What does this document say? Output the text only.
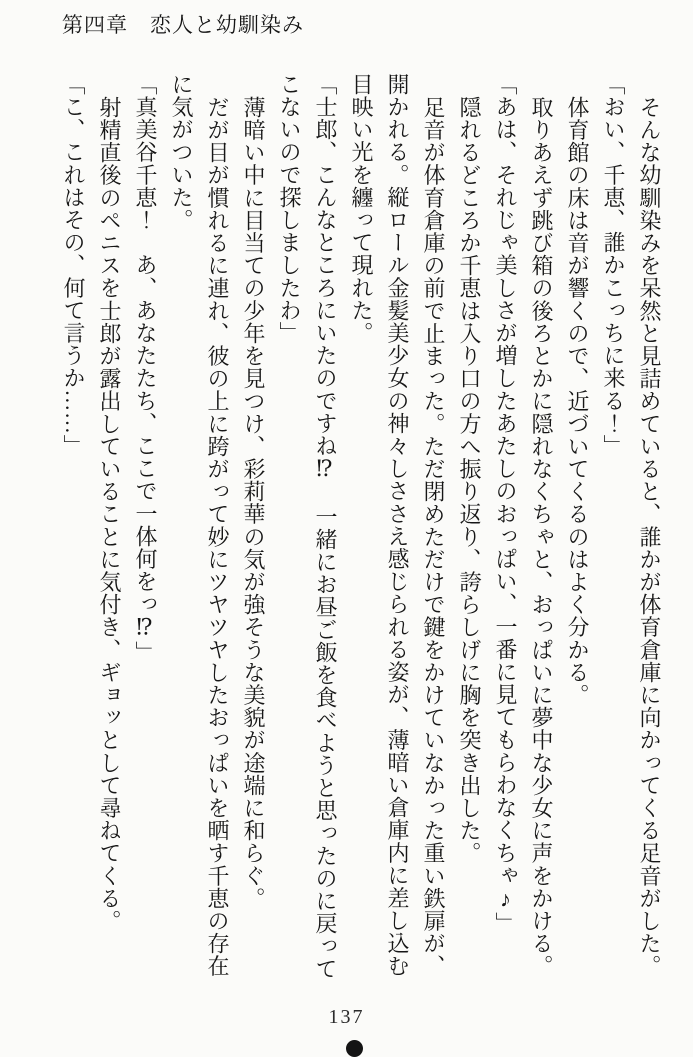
第四章　恋人と幼馴染み

そんな幼馴染みを呆然と見詰めていると、誰かが体育倉庫に向かってくる足音がした。

「おい、千恵、誰かこっちに来る！」

体育館の床は音が響くので、近づいてくるのはよく分かる。

取りあえず跳び箱の後ろとかに隠れなくちゃと、おっぱいに夢中な少女に声をかける。

「あは、それじゃ美しさが増したあたしのおっぱい、一番に見てもらわなくちゃ♪」

隠れるどころか千恵は入り口の方へ振り返り、誇らしげに胸を突き出した。

足音が体育倉庫の前で止まった。ただ閉めただけで鍵をかけていなかった重い鉄扉が、開かれる。縦ロール金髪美少女の神々しささえ感じられる姿が、薄暗い倉庫内に差し込む目映い光を纏って現れた。

「士郎、こんなところにいたのですね⁉　一緒にお昼ご飯を食べようと思ったのに戻ってこないので探しましたわ」

薄暗い中に目当ての少年を見つけ、彩莉華の気が強そうな美貌が途端に和らぐ。

だが目が慣れるに連れ、彼の上に跨がって妙にツヤツヤしたおっぱいを晒す千恵の存在に気がついた。

「真美谷千恵！　あ、あなたたち、ここで一体何をっ⁉」

射精直後のペニスを士郎が露出していることに気付き、ギョッとして尋ねてくる。

「こ、これはその、何て言うか……」

137
